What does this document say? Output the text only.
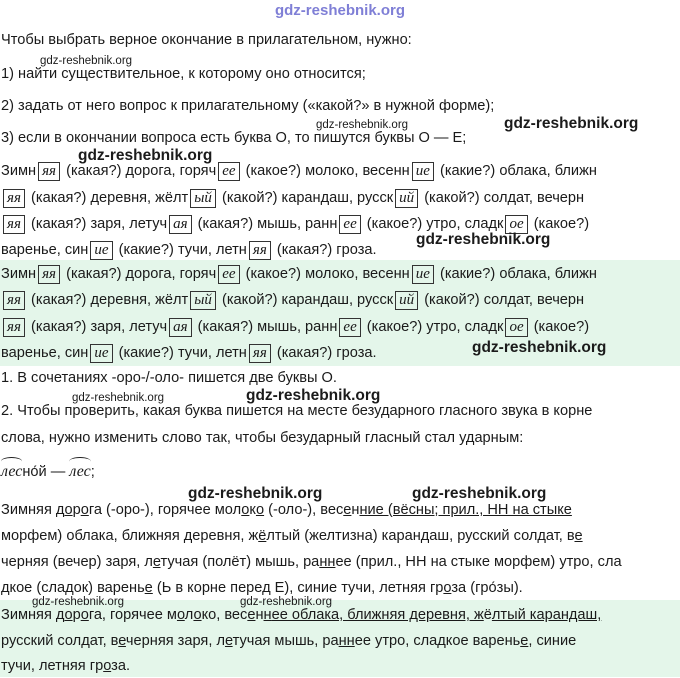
gdz-reshebnik.org
Чтобы выбрать верное окончание в прилагательном, нужно:
1) найти существительное, к которому оно относится;
2) задать от него вопрос к прилагательному («какой?» в нужной форме);
3) если в окончании вопроса есть буква О, то пишутся буквы О — Е;
Зимн яя (какая?) дорога, горяч ее (какое?) молоко, весенн ие (какие?) облака, ближн
яя (какая?) деревня, жёлт ый (какой?) карандаш, русск ий (какой?) солдат, вечерн
яя (какая?) заря, летуч ая (какая?) мышь, ранн ее (какое?) утро, сладк ое (какое?)
варенье, син ие (какие?) тучи, летн яя (какая?) гроза.
Зимн яя (какая?) дорога, горяч ее (какое?) молоко, весенн ие (какие?) облака, ближн
яя (какая?) деревня, жёлт ый (какой?) карандаш, русск ий (какой?) солдат, вечерн
яя (какая?) заря, летуч ая (какая?) мышь, ранн ее (какое?) утро, сладк ое (какое?)
варенье, син ие (какие?) тучи, летн яя (какая?) гроза.
1. В сочетаниях -оро-/-оло- пишется две буквы О.
2. Чтобы проверить, какая буква пишется на месте безударного гласного звука в корне
слова, нужно изменить слово так, чтобы безударный гласный стал ударным:
лесно́й — лес;
Зимняя дорога (-оро-), горячее молоко (-оло-), весенние (вёсны; прил., НН на стыке
морфем) облака, ближняя деревня, жёлтый (желтизна) карандаш, русский солдат, ве
черняя (вечер) заря, летучая (полёт) мышь, раннее (прил., НН на стыке морфем) утро, сла
дкое (сладок) варенье (Ь в корне перед Е), синие тучи, летняя гроза (гро́зы).
Зимняя дорога, горячее молоко, весеннее облака, ближняя деревня, жёлтый карандаш,
русский солдат, вечерняя заря, летучая мышь, раннее утро, сладкое варенье, синие
тучи, летняя гроза.
gdz-reshebnik.org
gdz-reshebnik.org	gdz-reshebnik.org
gdz-reshebnik.org
gdz-reshebnik.org
gdz-reshebnik.org
gdz-reshebnik.org	gdz-reshebnik.org
gdz-reshebnik.org	gdz-reshebnik.org
gdz-reshebnik.org	gdz-reshebnik.org
